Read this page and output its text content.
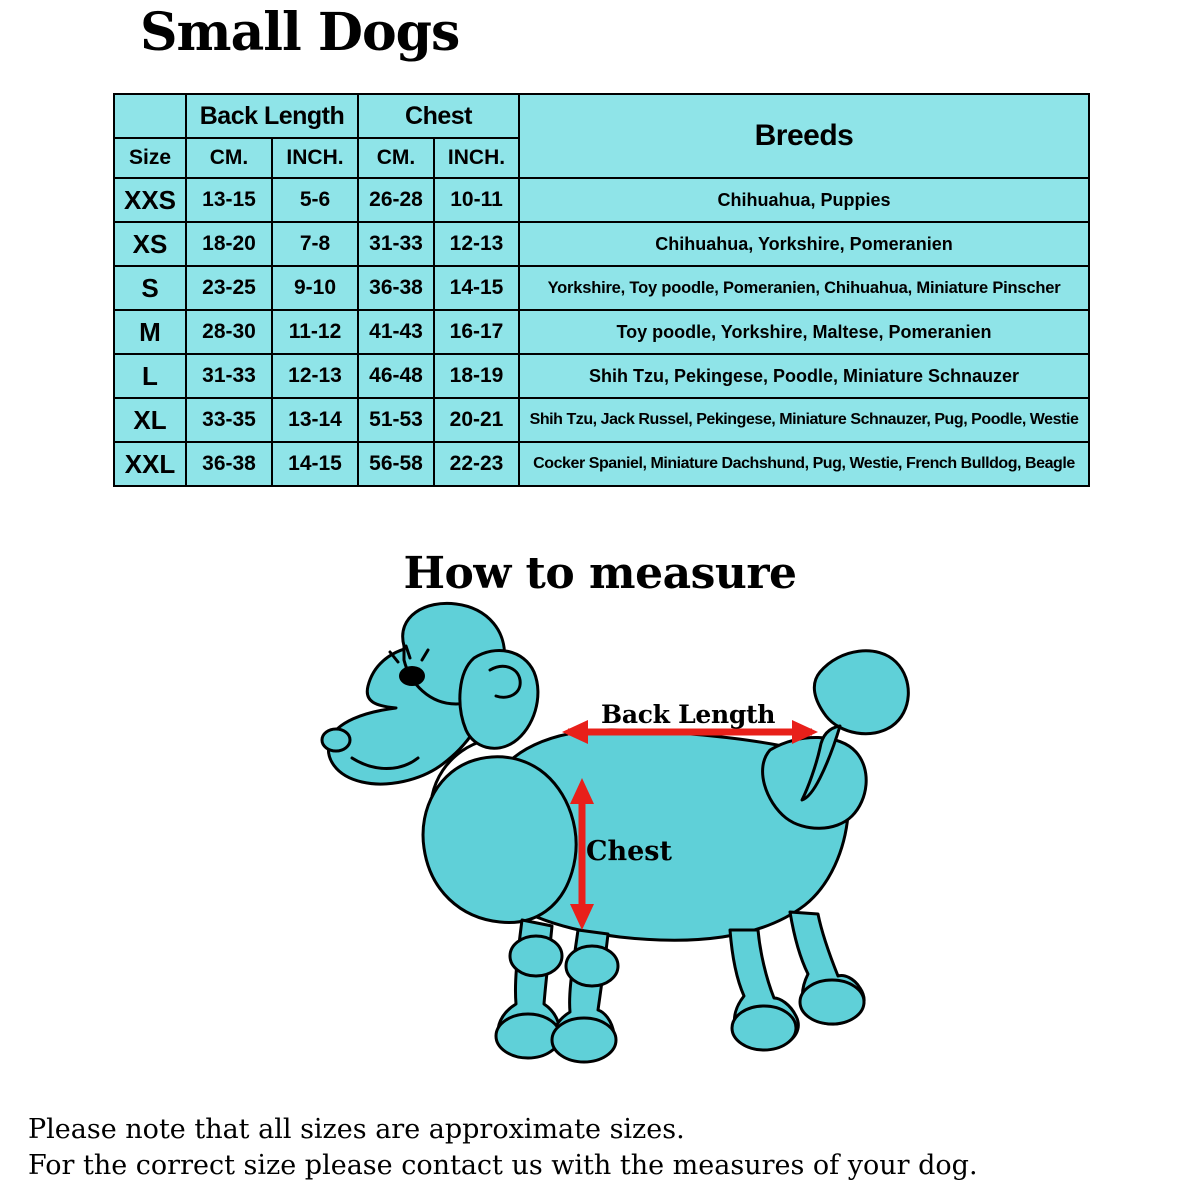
Small Dogs
	Back Length		Chest		Breeds
Size	CM.	INCH.	CM.	INCH.	
XXS	13-15	5-6	26-28	10-11	Chihuahua, Puppies
XS	18-20	7-8	31-33	12-13	Chihuahua, Yorkshire, Pomeranien
S	23-25	9-10	36-38	14-15	Yorkshire, Toy poodle, Pomeranien, Chihuahua, Miniature Pinscher
M	28-30	11-12	41-43	16-17	Toy poodle, Yorkshire, Maltese, Pomeranien
L	31-33	12-13	46-48	18-19	Shih Tzu, Pekingese, Poodle, Miniature Schnauzer
XL	33-35	13-14	51-53	20-21	Shih Tzu, Jack Russel, Pekingese, Miniature Schnauzer, Pug, Poodle, Westie
XXL	36-38	14-15	56-58	22-23	Cocker Spaniel, Miniature Dachshund, Pug, Westie, French Bulldog, Beagle
How to measure
Back Length
Chest
Please note that all sizes are approximate sizes.
For the correct size please contact us with the measures of your dog.
